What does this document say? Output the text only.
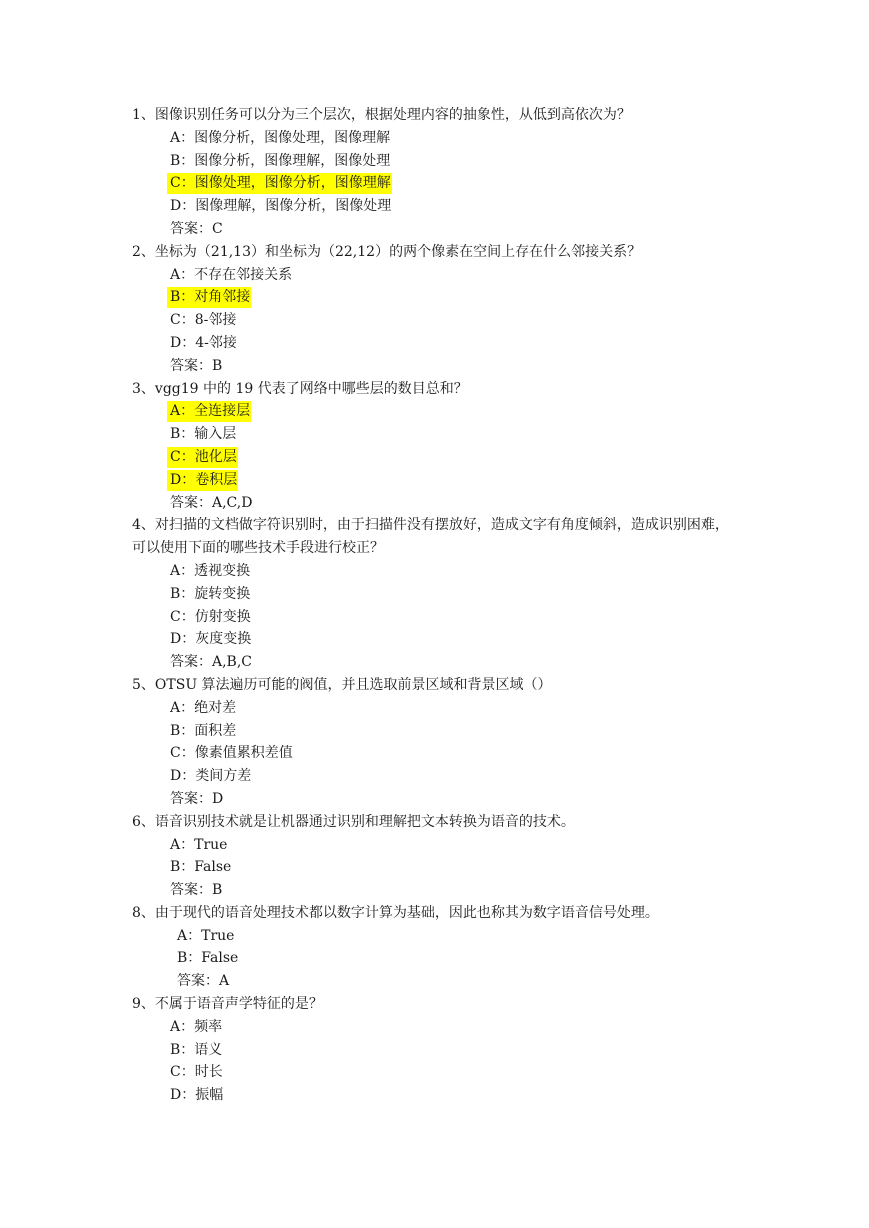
1、图像识别任务可以分为三个层次，根据处理内容的抽象性，从低到高依次为？
A：图像分析，图像处理，图像理解
B：图像分析，图像理解，图像处理
C：图像处理，图像分析，图像理解
D：图像理解，图像分析，图像处理
答案：C
2、坐标为（21,13）和坐标为（22,12）的两个像素在空间上存在什么邻接关系？
A：不存在邻接关系
B：对角邻接
C：8-邻接
D：4-邻接
答案：B
3、vgg19 中的 19 代表了网络中哪些层的数目总和？
A：全连接层
B：输入层
C：池化层
D：卷积层
答案：A,C,D
4、对扫描的文档做字符识别时，由于扫描件没有摆放好，造成文字有角度倾斜，造成识别困难，可以使用下面的哪些技术手段进行校正？
A：透视变换
B：旋转变换
C：仿射变换
D：灰度变换
答案：A,B,C
5、OTSU 算法遍历可能的阀值，并且选取前景区域和背景区域（）
A：绝对差
B：面积差
C：像素值累积差值
D：类间方差
答案：D
6、语音识别技术就是让机器通过识别和理解把文本转换为语音的技术。
A：True
B：False
答案：B
8、由于现代的语音处理技术都以数字计算为基础，因此也称其为数字语音信号处理。
A：True
B：False
答案：A
9、不属于语音声学特征的是？
A：频率
B：语义
C：时长
D：振幅
